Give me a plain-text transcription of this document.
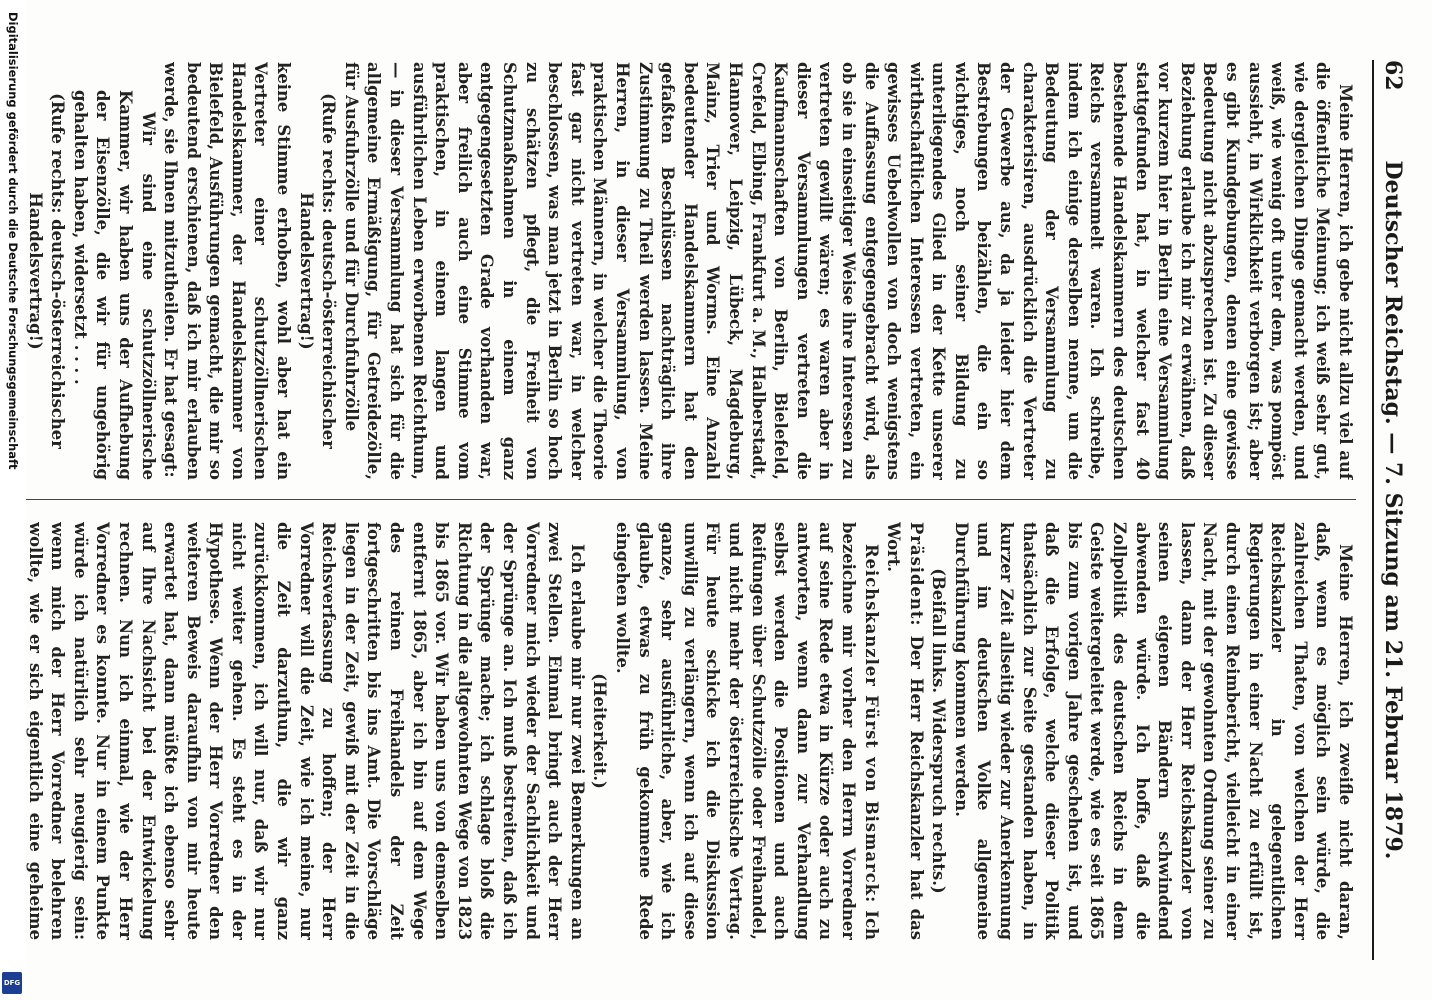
62
Deutscher Reichstag. — 7. Sitzung am 21. Februar 1879.

Meine Herren, ich gebe nicht allzu viel auf die öffentliche Meinung; ich weiß sehr gut, wie dergleichen Dinge gemacht werden, und weiß, wie wenig oft unter dem, was pompöst aussieht, in Wirklichkeit verborgen ist; aber es gibt Kundgebungen, denen eine gewisse Bedeutung nicht abzusprechen ist. Zu dieser Beziehung erlaube ich mir zu erwähnen, daß vor kurzem hier in Berlin eine Versammlung stattgefunden hat, in welcher fast 40 bestehende Handelskammern des deutschen Reichs versammelt waren. Ich schreibe, indem ich einige derselben nenne, um die Bedeutung der Versammlung zu charakterisiren, ausdrücklich die Vertreter der Gewerbe aus, da ja leider hier dem Bestrebungen beizählen, die ein so wichtiges, noch seiner Bildung zu unterliegendes Glied in der Kette unserer wirthschaftlichen Interessen vertreten, ein gewisses Uebelwollen von doch wenigstens die Auffassung entgegengebracht wird, als ob sie in einseitiger Weise ihre Interessen zu vertreten gewillt wären; es waren aber in dieser Versammlungen vertreten die Kaufmannschaften von Berlin, Bielefeld, Crefeld, Elbing, Frankfurt a. M., Halberstadt, Hannover, Leipzig, Lübeck, Magdeburg, Mainz, Trier und Worms. Eine Anzahl bedeutender Handelskammern hat den gefaßten Beschlüssen nachträglich ihre Zustimmung zu Theil werden lassen. Meine Herren, in dieser Versammlung, von praktischen Männern, in welcher die Theorie fast gar nicht vertreten war, in welcher beschlossen, was man jetzt in Berlin so hoch zu schätzen pflegt, die Freiheit von Schutzmaßnahmen in einem ganz entgegengesetzten Grade vorhanden war, aber freilich auch eine Stimme vom praktischen, in einem langen und ausführlichen Leben erworbenen Reichthum, — in dieser Versammlung hat sich für die allgemeine Ermäßigung, für Getreidezölle, für Ausfuhrzölle und für Durchfuhrzölle

(Rufe rechts: deutsch-österreichischer Handelsvertrag!)

keine Stimme erhoben, wohl aber hat ein Vertreter einer schutzzöllnerischen Handelskammer, der Handelskammer von Bielefeld, Ausführungen gemacht, die mir so bedeutend erschienen, daß ich mir erlauben werde, sie Ihnen mitzutheilen. Er hat gesagt:

Wir sind eine schutzzöllnerische Kammer, wir haben uns der Aufhebung der Eisenzölle, die wir für ungehörig gehalten haben, widersetzt . . . .

(Rufe rechts: deutsch-österreichischer Handelsvertrag!)

Meine Herren, ich zweifle nicht daran, daß, wenn es möglich sein würde, die zahlreichen Thaten, von welchen der Herr Reichskanzler in gelegentlichen Regierungen in einer Nacht zu erfüllt ist, durch einen Reimbericht, vielleicht in einer Nacht, mit der gewohnten Ordnung seiner zu lassen, dann der Herr Reichskanzler von seinen eigenen Bändern schwindend abwenden würde. Ich hoffe, daß die Zollpolitik des deutschen Reichs in dem Geiste weitergeleitet werde, wie es seit 1865 bis zum vorigen Jahre geschehen ist, und daß die Erfolge, welche dieser Politik thatsächlich zur Seite gestanden haben, in kurzer Zeit allseitig wieder zur Anerkennung und im deutschen Volke allgemeine Durchführung kommen werden.

(Beifall links. Widerspruch rechts.)

Präsident: Der Herr Reichskanzler hat das Wort.

Reichskanzler Fürst von Bismarck: Ich bezeichne mir vorher den Herrn Vorredner auf seine Rede etwa in Kürze oder auch zu antworten, wenn dann zur Verhandlung selbst werden die Positionen und auch Reifungen über Schutzzölle oder Freihandel, und nicht mehr der österreichische Vertrag. Für heute schicke ich die Diskussion unwillig zu verlängern, wenn ich auf diese ganze, sehr ausführliche, aber, wie ich glaube, etwas zu früh gekommene Rede eingehen wollte.

(Heiterkeit.)

Ich erlaube mir nur zwei Bemerkungen an zwei Stellen. Einmal bringt auch der Herr Vorredner mich wieder der Sachlichkeit und der Sprünge an. Ich muß bestreiten, daß ich der Sprünge mache; ich schlage bloß die Richtung in die altgewohnten Wege von 1823 bis 1865 vor. Wir haben uns von demselben entfernt 1865, aber ich bin auf dem Wege des reinen Freihandels der Zeit fortgeschritten bis ins Amt. Die Vorschläge liegen in der Zeit, gewiß mit der Zeit in die Reichsverfassung zu hoffen; der Herr Vorredner will die Zeit, wie ich meine, nur die Zeit darzuthun, die wir ganz zurückkommen, ich will nur, daß wir nur nicht weiter gehen. Es steht es in der Hypothese. Wenn der Herr Vorredner den weiteren Beweis daraufhin von mir heute erwartet hat, dann müßte ich ebenso sehr auf Ihre Nachsicht bei der Entwickelung rechnen. Nun ich einmal, wie der Herr Vorredner es konnte. Nur in einem Punkte würde ich natürlich sehr neugierig sein: wenn mich der Herr Vorredner belehren wollte, wie er sich eigentlich eine geheime

Digitalisierung gefördert durch die Deutsche Forschungsgemeinschaft
DFG
